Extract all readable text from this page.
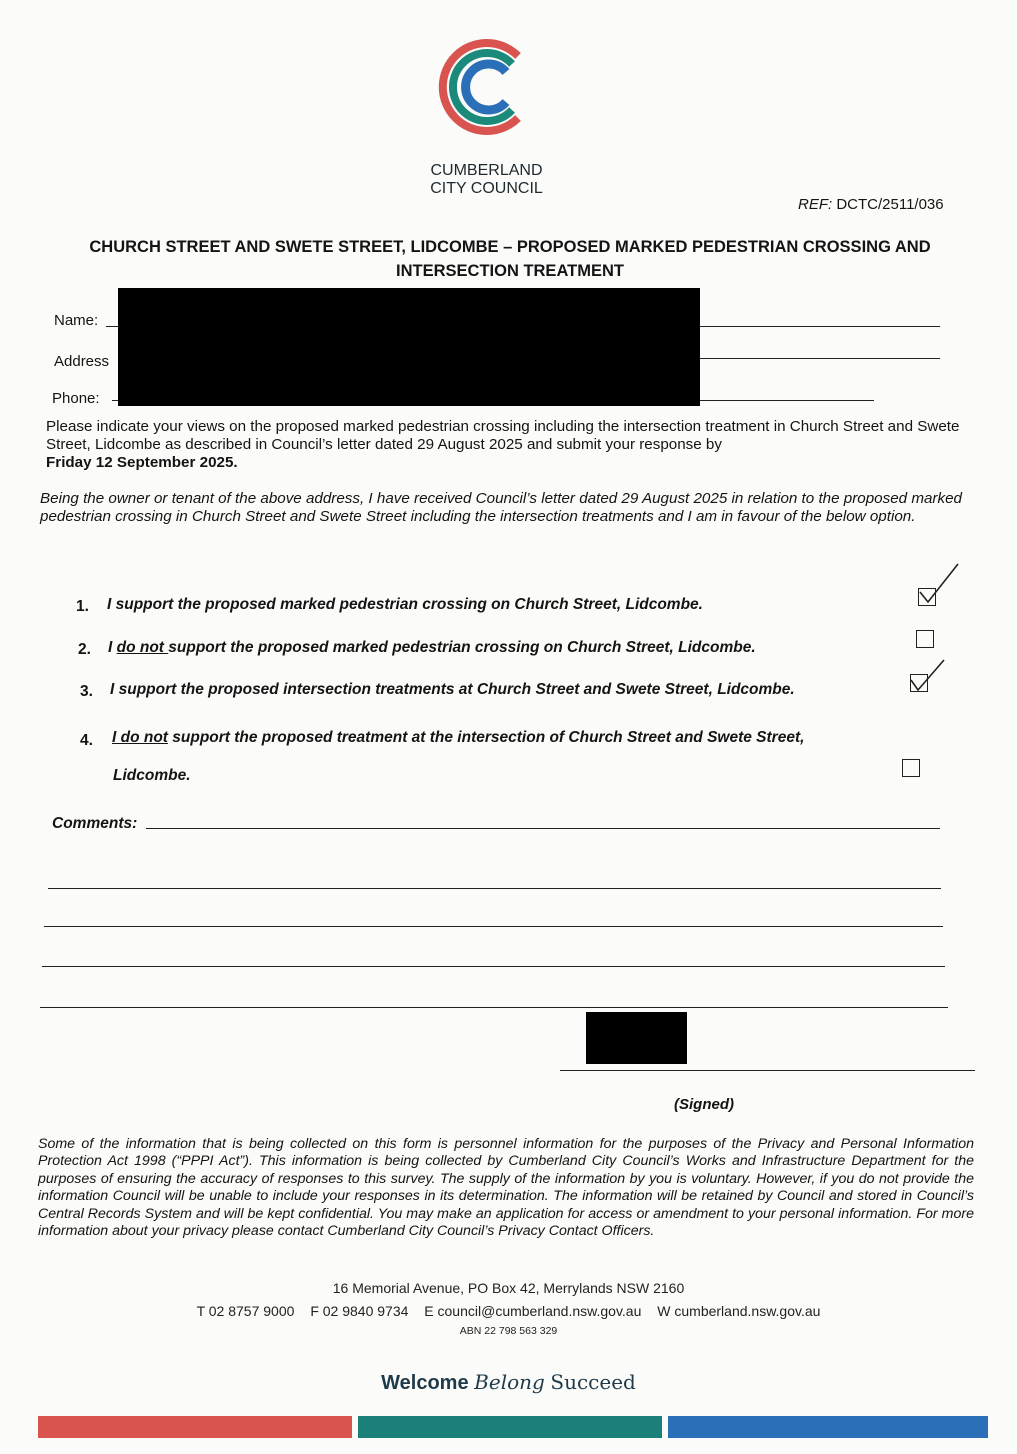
CUMBERLAND
CITY COUNCIL
REF: DCTC/2511/036
CHURCH STREET AND SWETE STREET, LIDCOMBE – PROPOSED MARKED PEDESTRIAN CROSSING AND
INTERSECTION TREATMENT
Name:
Address
Phone:
Please indicate your views on the proposed marked pedestrian crossing including the intersection treatment in Church Street and Swete Street, Lidcombe as described in Council’s letter dated 29 August 2025 and submit your response by
Friday 12 September 2025.
Being the owner or tenant of the above address, I have received Council’s letter dated 29 August 2025 in relation to the proposed marked pedestrian crossing in Church Street and Swete Street including the intersection treatments and I am in favour of the below option.
1. I support the proposed marked pedestrian crossing on Church Street, Lidcombe.
2. I do not support the proposed marked pedestrian crossing on Church Street, Lidcombe.
3. I support the proposed intersection treatments at Church Street and Swete Street, Lidcombe.
4. I do not support the proposed treatment at the intersection of Church Street and Swete Street,
Lidcombe.
Comments:
(Signed)
Some of the information that is being collected on this form is personnel information for the purposes of the Privacy and Personal Information Protection Act 1998 (“PPPI Act”). This information is being collected by Cumberland City Council’s Works and Infrastructure Department for the purposes of ensuring the accuracy of responses to this survey. The supply of the information by you is voluntary. However, if you do not provide the information Council will be unable to include your responses in its determination. The information will be retained by Council and stored in Council’s Central Records System and will be kept confidential. You may make an application for access or amendment to your personal information. For more information about your privacy please contact Cumberland City Council’s Privacy Contact Officers.
16 Memorial Avenue, PO Box 42, Merrylands NSW 2160
T 02 8757 9000 F 02 9840 9734 E council@cumberland.nsw.gov.au W cumberland.nsw.gov.au
ABN 22 798 563 329
Welcome Belong Succeed
